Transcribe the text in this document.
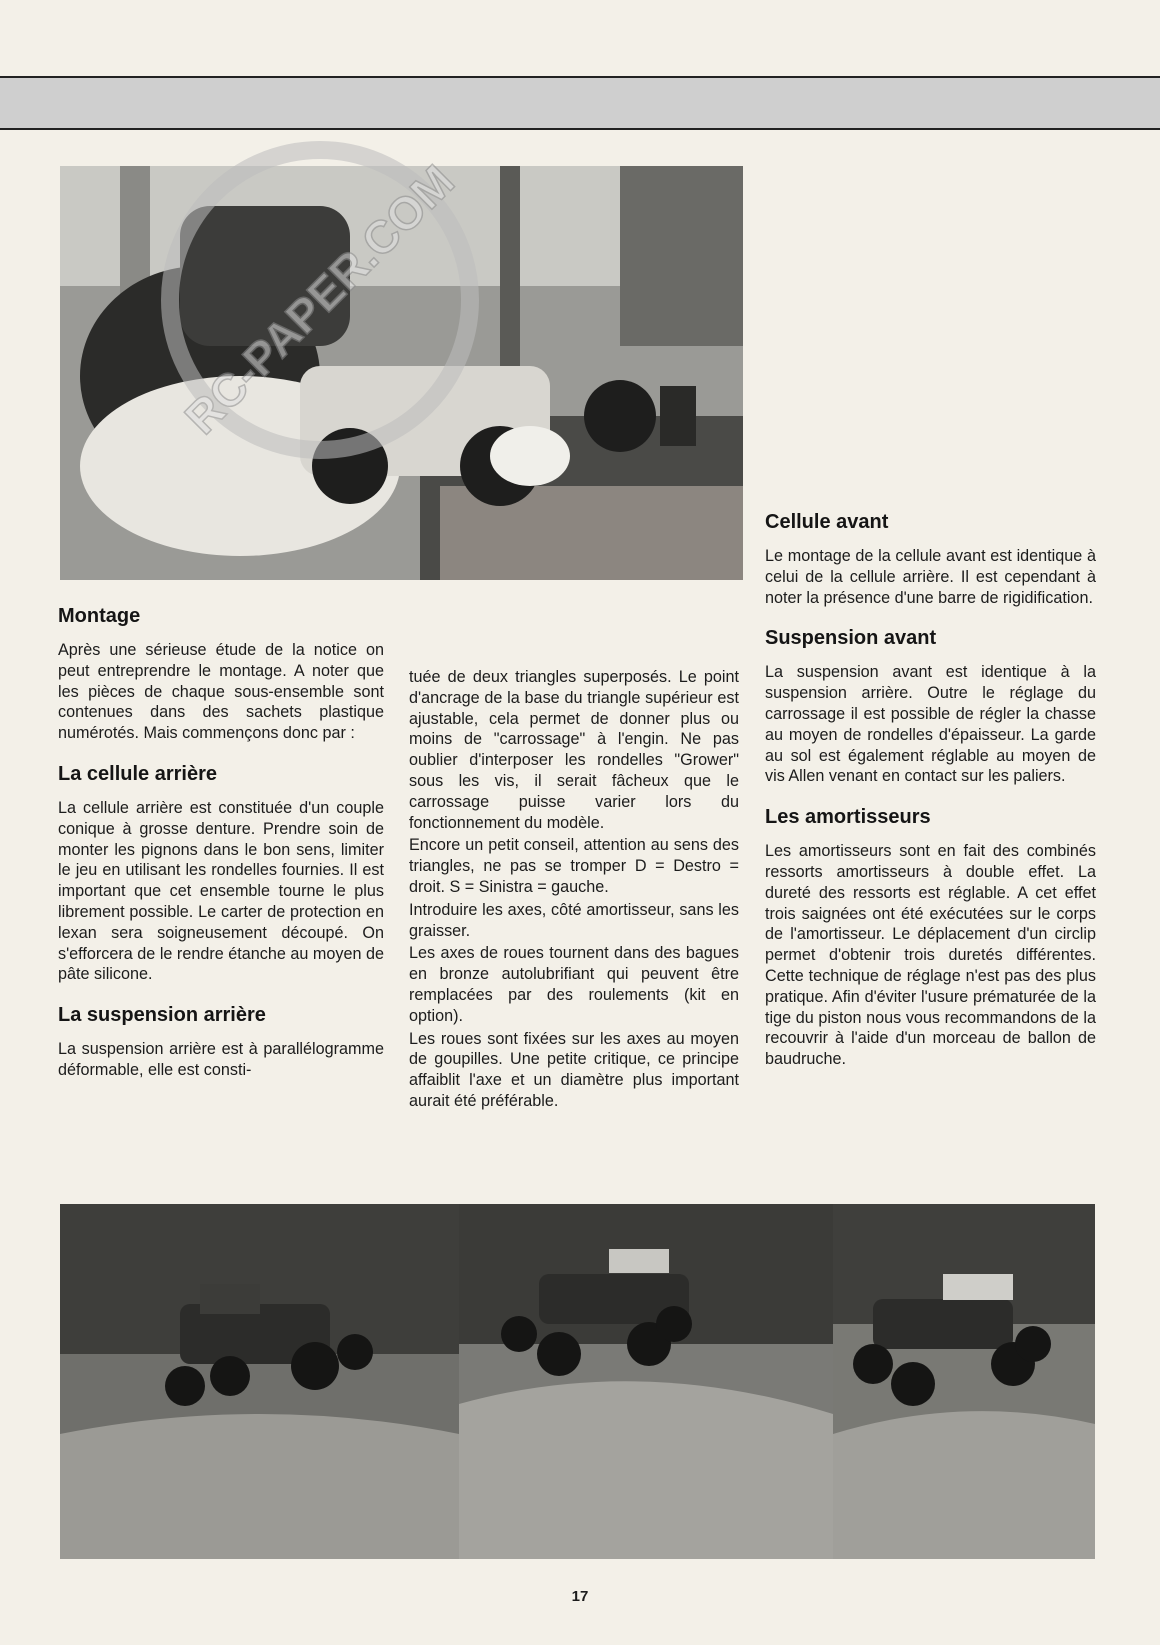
RC-PAPER.COM
Montage

Après une sérieuse étude de la notice on peut entreprendre le montage. A noter que les pièces de chaque sous-ensemble sont contenues dans des sachets plastique numérotés. Mais commençons donc par :

La cellule arrière

La cellule arrière est constituée d'un couple conique à grosse denture. Prendre soin de monter les pignons dans le bon sens, limiter le jeu en utilisant les rondelles fournies. Il est important que cet ensemble tourne le plus librement possible. Le carter de protection en lexan sera soigneusement découpé. On s'efforcera de le rendre étanche au moyen de pâte silicone.

La suspension arrière

La suspension arrière est à parallélogramme déformable, elle est consti-

tuée de deux triangles superposés. Le point d'ancrage de la base du triangle supérieur est ajustable, cela permet de donner plus ou moins de "carrossage" à l'engin. Ne pas oublier d'interposer les rondelles "Grower" sous les vis, il serait fâcheux que le carrossage puisse varier lors du fonctionnement du modèle.

Encore un petit conseil, attention au sens des triangles, ne pas se tromper D = Destro = droit. S = Sinistra = gauche.

Introduire les axes, côté amortisseur, sans les graisser.

Les axes de roues tournent dans des bagues en bronze autolubrifiant qui peuvent être remplacées par des roulements (kit en option).

Les roues sont fixées sur les axes au moyen de goupilles. Une petite critique, ce principe affaiblit l'axe et un diamètre plus important aurait été préférable.

Cellule avant

Le montage de la cellule avant est identique à celui de la cellule arrière. Il est cependant à noter la présence d'une barre de rigidification.

Suspension avant

La suspension avant est identique à la suspension arrière. Outre le réglage du carrossage il est possible de régler la chasse au moyen de rondelles d'épaisseur. La garde au sol est également réglable au moyen de vis Allen venant en contact sur les paliers.

Les amortisseurs

Les amortisseurs sont en fait des combinés ressorts amortisseurs à double effet. La dureté des ressorts est réglable. A cet effet trois saignées ont été exécutées sur le corps de l'amortisseur. Le déplacement d'un circlip permet d'obtenir trois duretés différentes. Cette technique de réglage n'est pas des plus pratique. Afin d'éviter l'usure prématurée de la tige du piston nous vous recommandons de la recouvrir à l'aide d'un morceau de ballon de baudruche.

17
